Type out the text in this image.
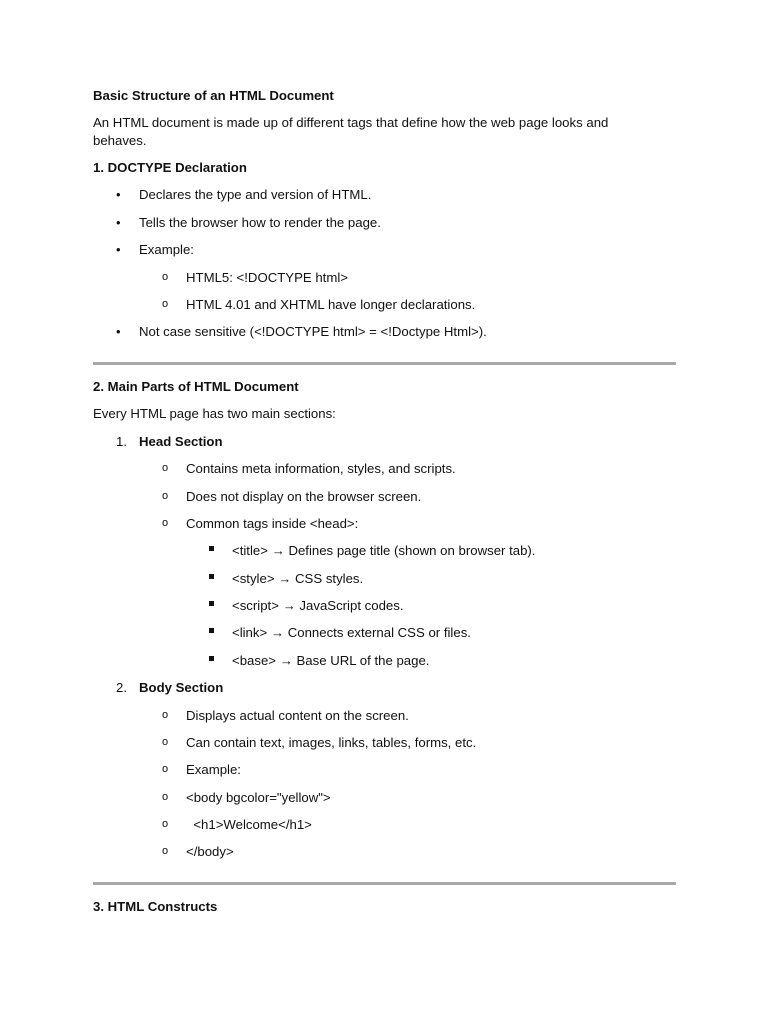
Basic Structure of an HTML Document
An HTML document is made up of different tags that define how the web page looks and
behaves.
1. DOCTYPE Declaration
• Declares the type and version of HTML.
• Tells the browser how to render the page.
• Example:
o HTML5: <!DOCTYPE html>
o HTML 4.01 and XHTML have longer declarations.
• Not case sensitive (<!DOCTYPE html> = <!Doctype Html>).
2. Main Parts of HTML Document
Every HTML page has two main sections:
1. Head Section
o Contains meta information, styles, and scripts.
o Does not display on the browser screen.
o Common tags inside <head>:
<title> → Defines page title (shown on browser tab).
<style> → CSS styles.
<script> → JavaScript codes.
<link> → Connects external CSS or files.
<base> → Base URL of the page.
2. Body Section
o Displays actual content on the screen.
o Can contain text, images, links, tables, forms, etc.
o Example:
o <body bgcolor="yellow">
o <h1>Welcome</h1>
o </body>
3. HTML Constructs
